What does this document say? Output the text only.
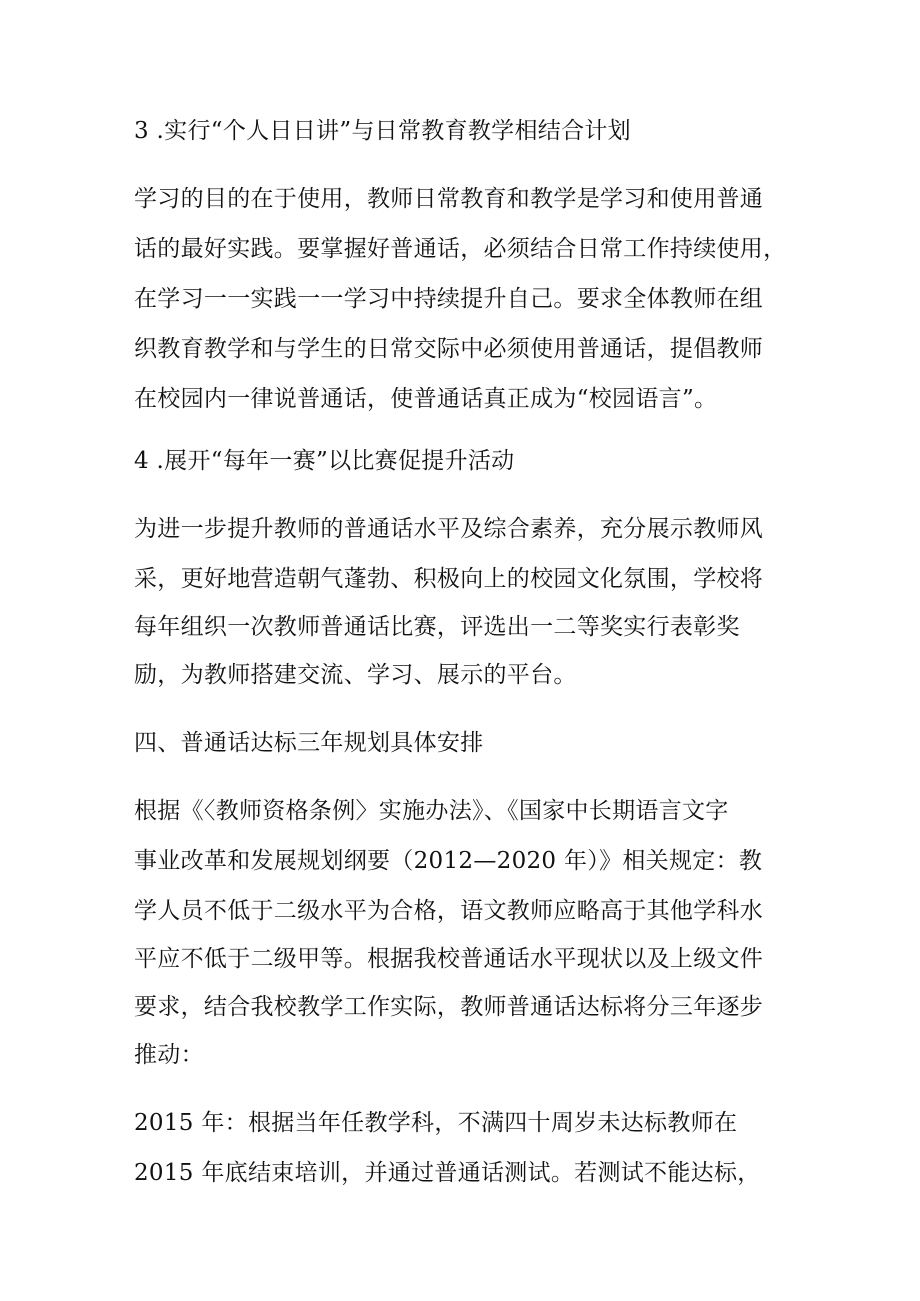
3 .实行“个人日日讲”与日常教育教学相结合计划
学习的目的在于使用，教师日常教育和教学是学习和使用普通
话的最好实践。要掌握好普通话，必须结合日常工作持续使用，
在学习一一实践一一学习中持续提升自己。要求全体教师在组
织教育教学和与学生的日常交际中必须使用普通话，提倡教师
在校园内一律说普通话，使普通话真正成为“校园语言”。
4 .展开“每年一赛”以比赛促提升活动
为进一步提升教师的普通话水平及综合素养，充分展示教师风
采，更好地营造朝气蓬勃、积极向上的校园文化氛围，学校将
每年组织一次教师普通话比赛，评选出一二等奖实行表彰奖
励，为教师搭建交流、学习、展示的平台。
四、普通话达标三年规划具体安排
根据《〈教师资格条例〉实施办法》、《国家中长期语言文字
事业改革和发展规划纲要（2012—2020 年）》相关规定：教
学人员不低于二级水平为合格，语文教师应略高于其他学科水
平应不低于二级甲等。根据我校普通话水平现状以及上级文件
要求，结合我校教学工作实际，教师普通话达标将分三年逐步
推动：
2015 年：根据当年任教学科，不满四十周岁未达标教师在
2015 年底结束培训，并通过普通话测试。若测试不能达标，
